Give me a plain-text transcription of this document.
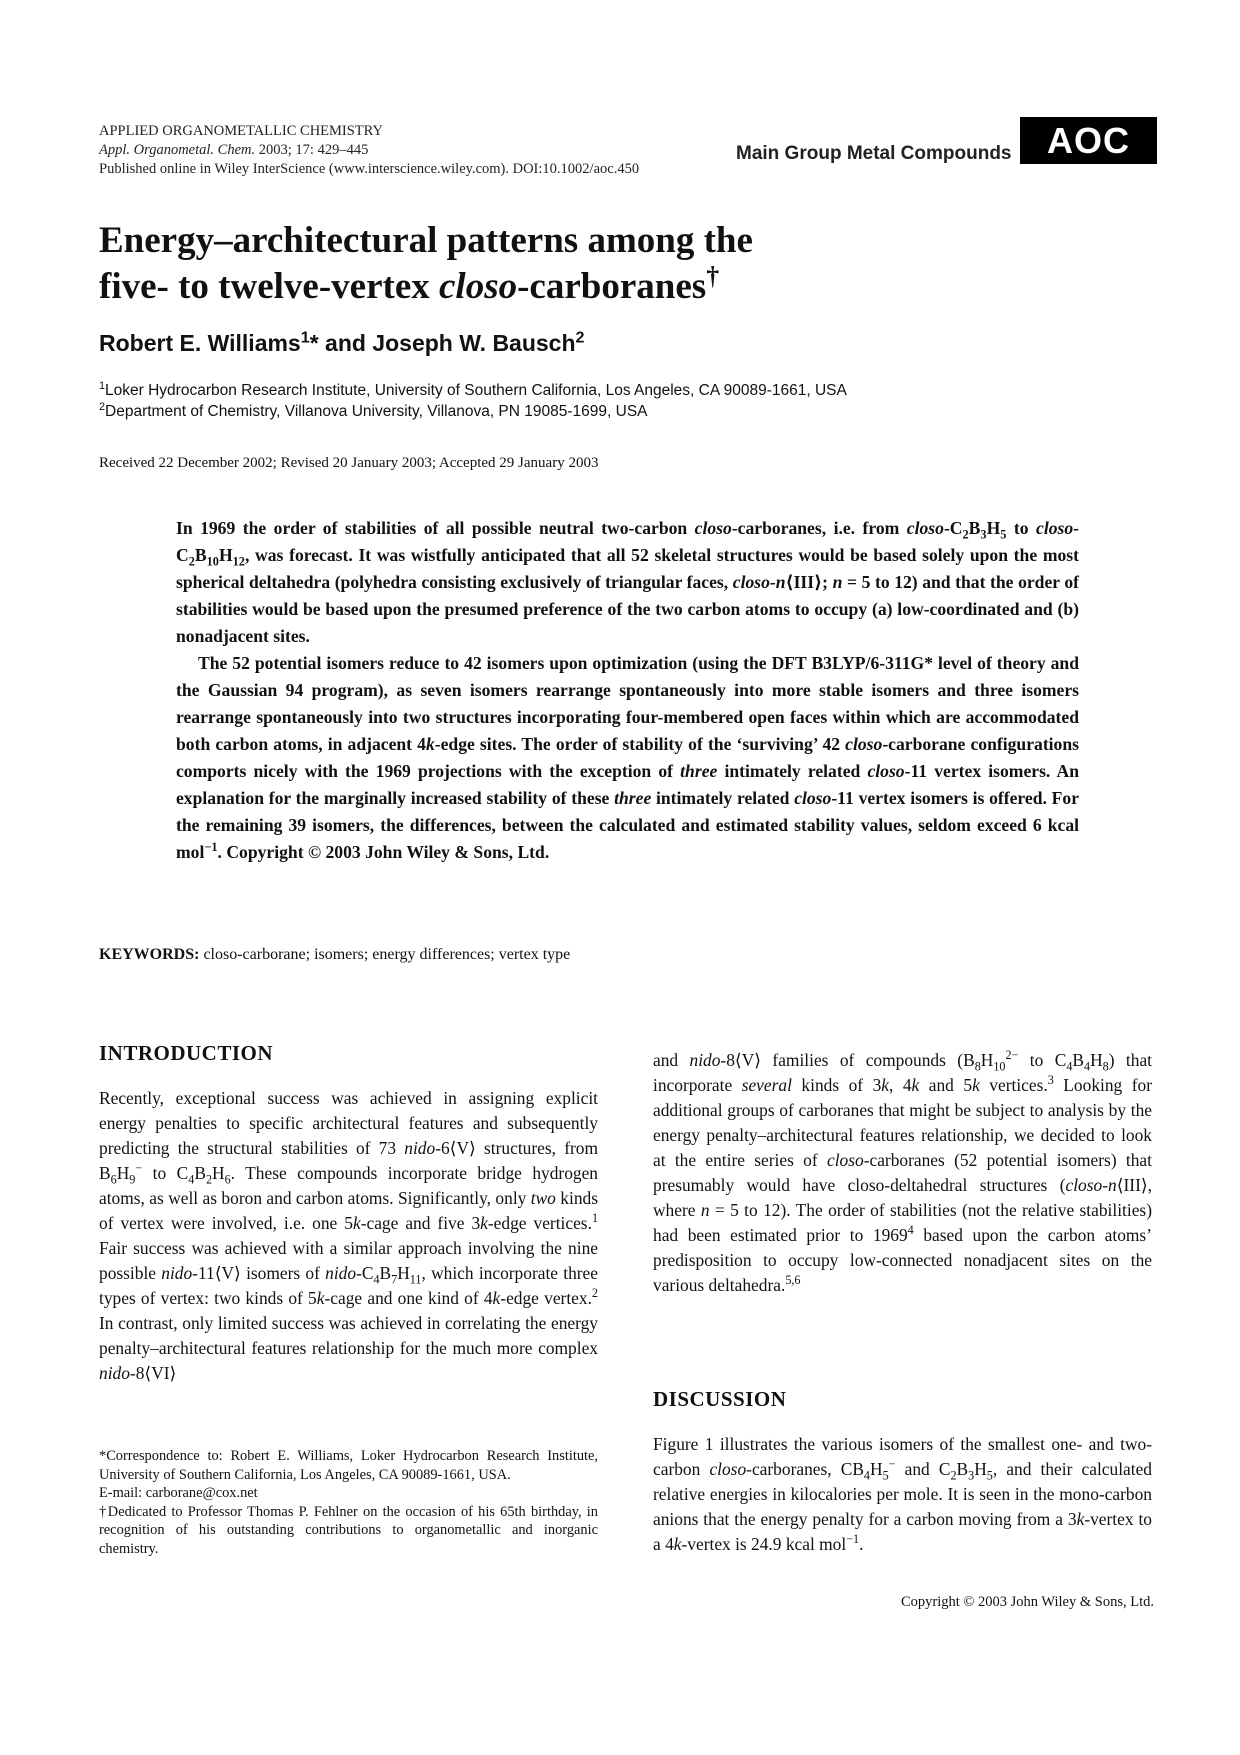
APPLIED ORGANOMETALLIC CHEMISTRY
Appl. Organometal. Chem. 2003; 17: 429–445
Published online in Wiley InterScience (www.interscience.wiley.com). DOI:10.1002/aoc.450
Main Group Metal Compounds AOC
Energy–architectural patterns among the
five- to twelve-vertex closo-carboranes†
Robert E. Williams$^1$* and Joseph W. Bausch$^2$
$^1$Loker Hydrocarbon Research Institute, University of Southern California, Los Angeles, CA 90089-1661, USA
$^2$Department of Chemistry, Villanova University, Villanova, PN 19085-1699, USA
Received 22 December 2002; Revised 20 January 2003; Accepted 29 January 2003

In 1969 the order of stabilities of all possible neutral two-carbon closo-carboranes, i.e. from closo-$C_2B_3H_5$ to closo-$C_2B_{10}H_{12}$, was forecast. It was wistfully anticipated that all 52 skeletal structures would be based solely upon the most spherical deltahedra (polyhedra consisting exclusively of triangular faces, closo-n⟨III⟩; n = 5 to 12) and that the order of stabilities would be based upon the presumed preference of the two carbon atoms to occupy (a) low-coordinated and (b) nonadjacent sites.

The 52 potential isomers reduce to 42 isomers upon optimization (using the DFT B3LYP/6-311G* level of theory and the Gaussian 94 program), as seven isomers rearrange spontaneously into more stable isomers and three isomers rearrange spontaneously into two structures incorporating four-membered open faces within which are accommodated both carbon atoms, in adjacent 4k-edge sites. The order of stability of the ‘surviving’ 42 closo-carborane configurations comports nicely with the 1969 projections with the exception of three intimately related closo-11 vertex isomers. An explanation for the marginally increased stability of these three intimately related closo-11 vertex isomers is offered. For the remaining 39 isomers, the differences, between the calculated and estimated stability values, seldom exceed 6 kcal mol$^{-1}$. Copyright © 2003 John Wiley & Sons, Ltd.

KEYWORDS: closo-carborane; isomers; energy differences; vertex type
INTRODUCTION

Recently, exceptional success was achieved in assigning explicit energy penalties to specific architectural features and subsequently predicting the structural stabilities of 73 nido-6⟨V⟩ structures, from $B_6H_9^-$ to $C_4B_2H_6$. These compounds incorporate bridge hydrogen atoms, as well as boron and carbon atoms. Significantly, only two kinds of vertex were involved, i.e. one 5k-cage and five 3k-edge vertices.$^1$ Fair success was achieved with a similar approach involving the nine possible nido-11⟨V⟩ isomers of nido-$C_4B_7H_{11}$, which incorporate three types of vertex: two kinds of 5k-cage and one kind of 4k-edge vertex.$^2$ In contrast, only limited success was achieved in correlating the energy penalty–architectural features relationship for the much more complex nido-8⟨VI⟩

*Correspondence to: Robert E. Williams, Loker Hydrocarbon Research Institute, University of Southern California, Los Angeles, CA 90089-1661, USA.

E-mail: carborane@cox.net

†Dedicated to Professor Thomas P. Fehlner on the occasion of his 65th birthday, in recognition of his outstanding contributions to organometallic and inorganic chemistry.

and nido-8⟨V⟩ families of compounds ($B_8H_{10}^{2-}$ to $C_4B_4H_8$) that incorporate several kinds of 3k, 4k and 5k vertices.$^3$ Looking for additional groups of carboranes that might be subject to analysis by the energy penalty–architectural features relationship, we decided to look at the entire series of closo-carboranes (52 potential isomers) that presumably would have closo-deltahedral structures (closo-n⟨III⟩, where n = 5 to 12). The order of stabilities (not the relative stabilities) had been estimated prior to 1969$^4$ based upon the carbon atoms’ predisposition to occupy low-connected nonadjacent sites on the various deltahedra.$^{5,6}$

DISCUSSION

Figure 1 illustrates the various isomers of the smallest one- and two-carbon closo-carboranes, $CB_4H_5^-$ and $C_2B_3H_5$, and their calculated relative energies in kilocalories per mole. It is seen in the mono-carbon anions that the energy penalty for a carbon moving from a 3k-vertex to a 4k-vertex is 24.9 kcal mol$^{-1}$.

Copyright © 2003 John Wiley & Sons, Ltd.
